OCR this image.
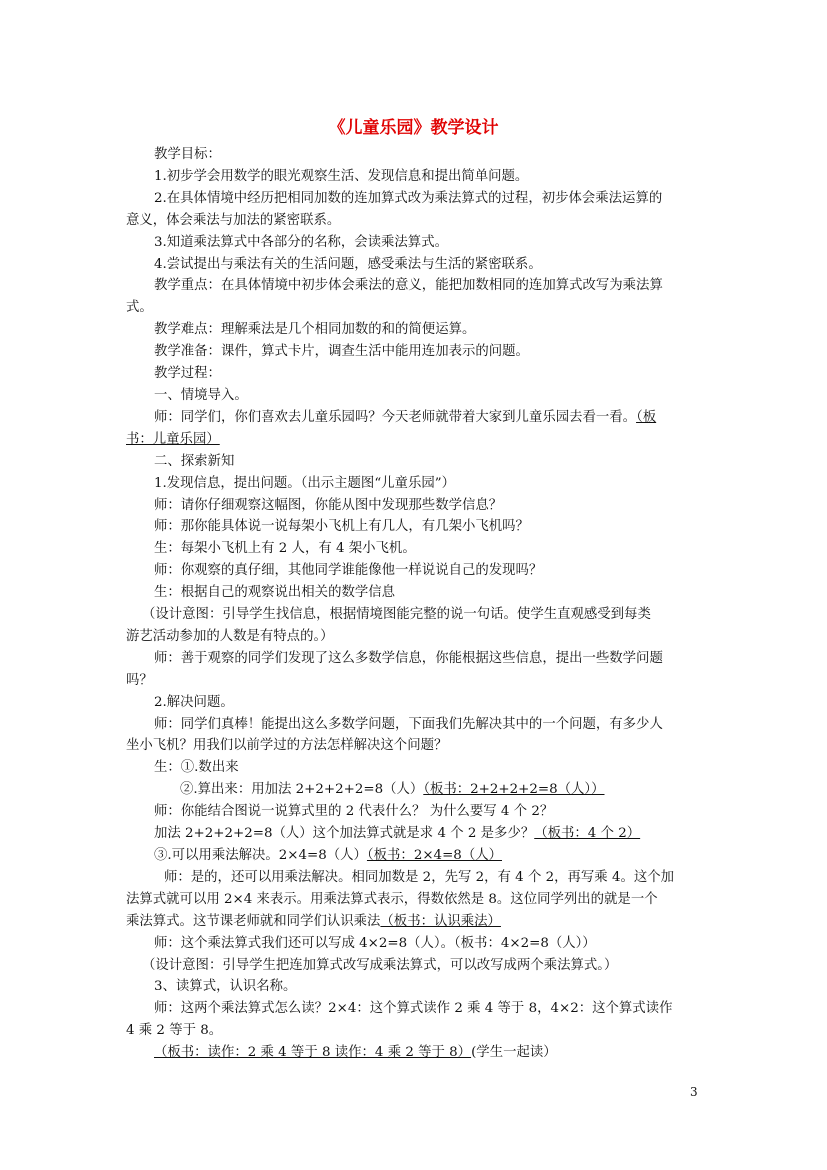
《儿童乐园》教学设计
教学目标：
1.初步学会用数学的眼光观察生活、发现信息和提出简单问题。
2.在具体情境中经历把相同加数的连加算式改为乘法算式的过程，初步体会乘法运算的
意义，体会乘法与加法的紧密联系。
3.知道乘法算式中各部分的名称，会读乘法算式。
4.尝试提出与乘法有关的生活问题，感受乘法与生活的紧密联系。
教学重点：在具体情境中初步体会乘法的意义，能把加数相同的连加算式改写为乘法算
式。
教学难点：理解乘法是几个相同加数的和的简便运算。
教学准备：课件，算式卡片，调查生活中能用连加表示的问题。
教学过程：
一、情境导入。
师：同学们，你们喜欢去儿童乐园吗？今天老师就带着大家到儿童乐园去看一看。（板
书：儿童乐园）
二、探索新知
1.发现信息，提出问题。（出示主题图“儿童乐园”）
师：请你仔细观察这幅图，你能从图中发现那些数学信息？
师：那你能具体说一说每架小飞机上有几人，有几架小飞机吗？
生：每架小飞机上有 2 人，有 4 架小飞机。
师：你观察的真仔细，其他同学谁能像他一样说说自己的发现吗？
生：根据自己的观察说出相关的数学信息
（设计意图：引导学生找信息，根据情境图能完整的说一句话。使学生直观感受到每类
游艺活动参加的人数是有特点的。）
师：善于观察的同学们发现了这么多数学信息，你能根据这些信息，提出一些数学问题
吗？
2.解决问题。
师：同学们真棒！能提出这么多数学问题，下面我们先解决其中的一个问题，有多少人
坐小飞机？用我们以前学过的方法怎样解决这个问题？
生：①.数出来
②.算出来：用加法 2+2+2+2=8（人）（板书：2+2+2+2=8（人））
师：你能结合图说一说算式里的 2 代表什么？ 为什么要写 4 个 2？
加法 2+2+2+2=8（人）这个加法算式就是求 4 个 2 是多少？（板书：4 个 2）
③.可以用乘法解决。2×4=8（人）（板书：2×4=8（人）
师：是的，还可以用乘法解决。相同加数是 2，先写 2，有 4 个 2，再写乘 4。这个加
法算式就可以用 2×4 来表示。用乘法算式表示，得数依然是 8。这位同学列出的就是一个
乘法算式。这节课老师就和同学们认识乘法（板书：认识乘法）
师：这个乘法算式我们还可以写成 4×2=8（人）。（板书：4×2=8（人））
（设计意图：引导学生把连加算式改写成乘法算式，可以改写成两个乘法算式。）
3、读算式，认识名称。
师：这两个乘法算式怎么读？2×4：这个算式读作 2 乘 4 等于 8，4×2：这个算式读作
4 乘 2 等于 8。
（板书：读作：2 乘 4 等于 8 读作：4 乘 2 等于 8）(学生一起读）
3
